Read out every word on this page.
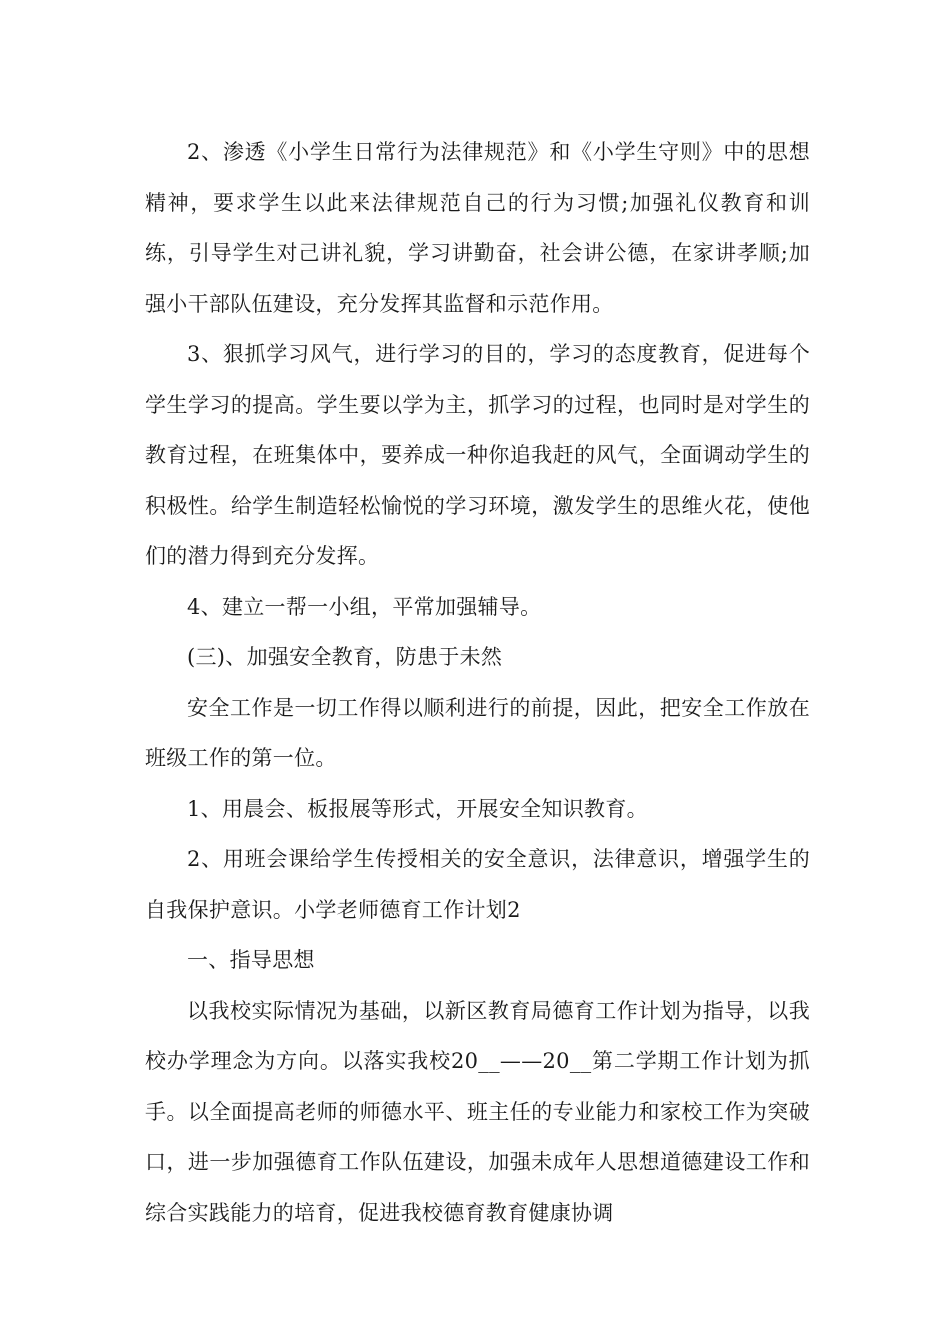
2、渗透《小学生日常行为法律规范》和《小学生守则》中的思想精神，要求学生以此来法律规范自己的行为习惯;加强礼仪教育和训练，引导学生对己讲礼貌，学习讲勤奋，社会讲公德，在家讲孝顺;加强小干部队伍建设，充分发挥其监督和示范作用。

3、狠抓学习风气，进行学习的目的，学习的态度教育，促进每个学生学习的提高。学生要以学为主，抓学习的过程，也同时是对学生的教育过程，在班集体中，要养成一种你追我赶的风气，全面调动学生的积极性。给学生制造轻松愉悦的学习环境，激发学生的思维火花，使他们的潜力得到充分发挥。

4、建立一帮一小组，平常加强辅导。

(三)、加强安全教育，防患于未然

安全工作是一切工作得以顺利进行的前提，因此，把安全工作放在班级工作的第一位。

1、用晨会、板报展等形式，开展安全知识教育。

2、用班会课给学生传授相关的安全意识，法律意识，增强学生的自我保护意识。小学老师德育工作计划2

一、指导思想

以我校实际情况为基础，以新区教育局德育工作计划为指导，以我校办学理念为方向。以落实我校20__——20__第二学期工作计划为抓手。以全面提高老师的师德水平、班主任的专业能力和家校工作为突破口，进一步加强德育工作队伍建设，加强未成年人思想道德建设工作和综合实践能力的培育，促进我校德育教育健康协调
